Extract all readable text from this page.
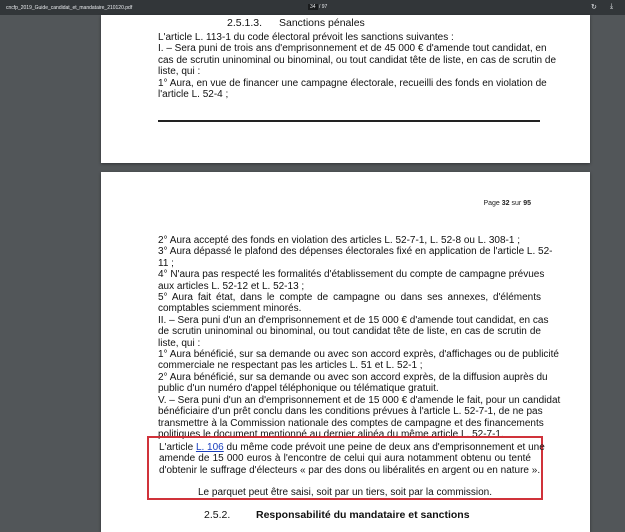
cncfp_2019_Guide_candidat_et_mandataire_210120.pdf	34 / 97	↻ ⤓
2.5.1.3. Sanctions pénales
L'article L. 113-1 du code électoral prévoit les sanctions suivantes :
I. – Sera puni de trois ans d'emprisonnement et de 45 000 € d'amende tout candidat, en
cas de scrutin uninominal ou binominal, ou tout candidat tête de liste, en cas de scrutin de
liste, qui :
1° Aura, en vue de financer une campagne électorale, recueilli des fonds en violation de
l'article L. 52-4 ;
Page 32 sur 95
2° Aura accepté des fonds en violation des articles L. 52-7-1, L. 52-8 ou L. 308-1 ;
3° Aura dépassé le plafond des dépenses électorales fixé en application de l'article L. 52-
11 ;
4° N'aura pas respecté les formalités d'établissement du compte de campagne prévues
aux articles L. 52-12 et L. 52-13 ;
5° Aura fait état, dans le compte de campagne ou dans ses annexes, d'éléments
comptables sciemment minorés.
II. – Sera puni d'un an d'emprisonnement et de 15 000 € d'amende tout candidat, en cas
de scrutin uninominal ou binominal, ou tout candidat tête de liste, en cas de scrutin de
liste, qui :
1° Aura bénéficié, sur sa demande ou avec son accord exprès, d'affichages ou de publicité
commerciale ne respectant pas les articles L. 51 et L. 52-1 ;
2° Aura bénéficié, sur sa demande ou avec son accord exprès, de la diffusion auprès du
public d'un numéro d'appel téléphonique ou télématique gratuit.
V. – Sera puni d'un an d'emprisonnement et de 15 000 € d'amende le fait, pour un candidat
bénéficiaire d'un prêt conclu dans les conditions prévues à l'article L. 52-7-1, de ne pas
transmettre à la Commission nationale des comptes de campagne et des financements
politiques le document mentionné au dernier alinéa du même article L. 52-7-1.
L'article L. 106 du même code prévoit une peine de deux ans d'emprisonnement et une
amende de 15 000 euros à l'encontre de celui qui aura notamment obtenu ou tenté
d'obtenir le suffrage d'électeurs « par des dons ou libéralités en argent ou en nature ».
Le parquet peut être saisi, soit par un tiers, soit par la commission.
2.5.2. Responsabilité du mandataire et sanctions
